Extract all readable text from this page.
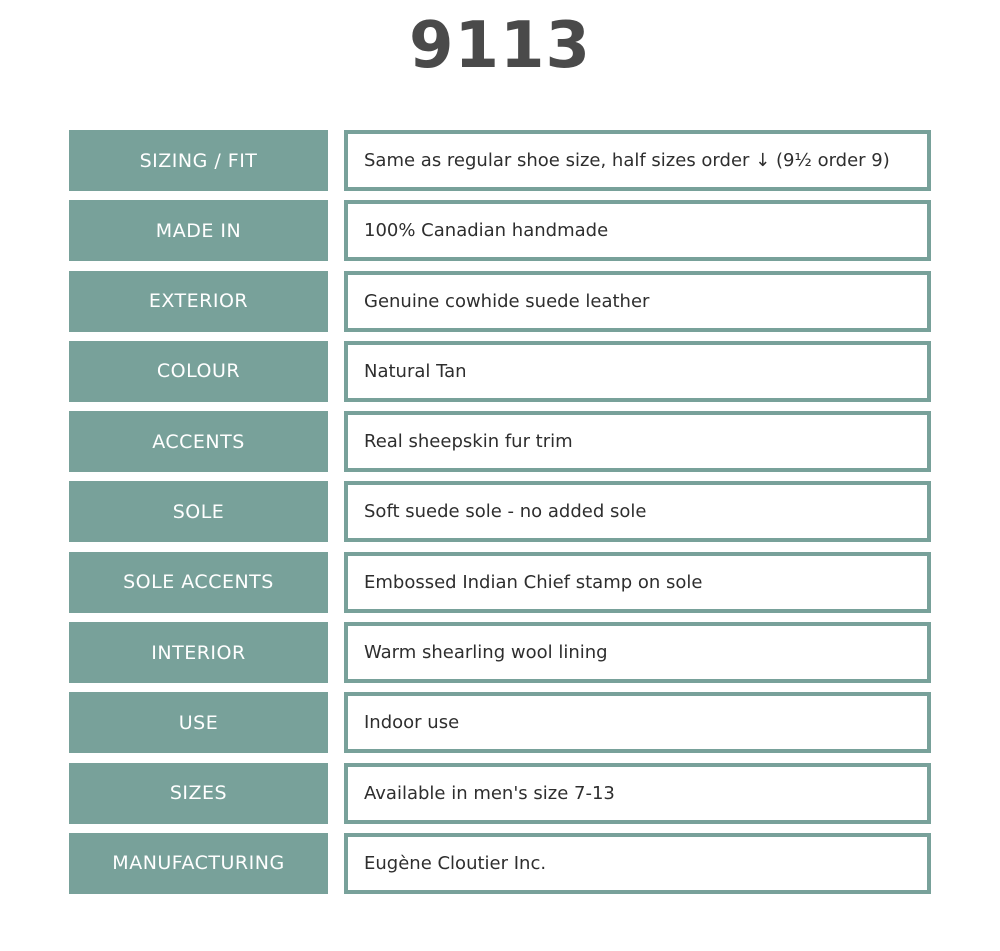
9113
SIZING / FIT	Same as regular shoe size, half sizes order ↓ (9½ order 9)
MADE IN	100% Canadian handmade
EXTERIOR	Genuine cowhide suede leather
COLOUR	Natural Tan
ACCENTS	Real sheepskin fur trim
SOLE	Soft suede sole - no added sole
SOLE ACCENTS	Embossed Indian Chief stamp on sole
INTERIOR	Warm shearling wool lining
USE	Indoor use
SIZES	Available in men's size 7-13
MANUFACTURING	Eugène Cloutier Inc.
